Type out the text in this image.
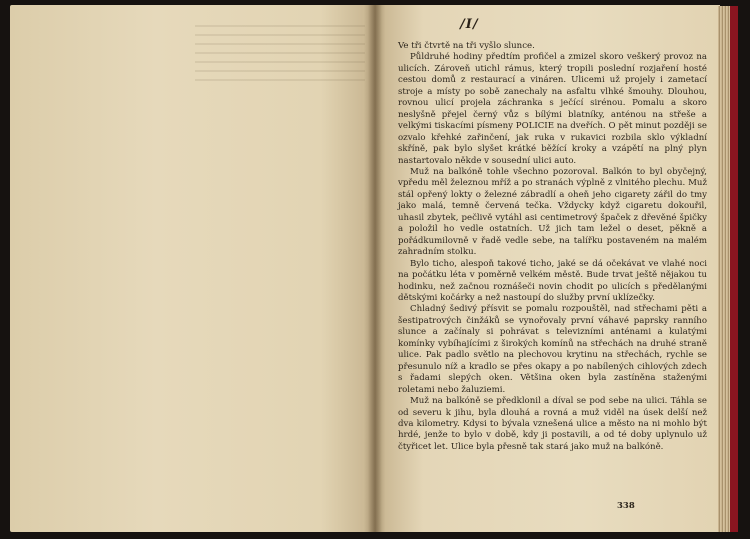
/I/

Ve tři čtvrtě na tři vyšlo slunce.

Půldruhé hodiny předtím profičel a zmizel skoro veškerý provoz na ulicích. Zároveň utichl rámus, který tropili poslední rozjaření hosté cestou domů z restaurací a vináren. Ulicemi už projely i zametací stroje a místy po sobě zanechaly na asfaltu vlhké šmouhy. Dlouhou, rovnou ulicí projela záchranka s ječící sirénou. Pomalu a skoro neslyšně přejel černý vůz s bílými blatníky, anténou na střeše a velkými tiskacími písmeny POLICIE na dveřích. O pět minut později se ozvalo křehké zařinčení, jak ruka v rukavici rozbila sklo výkladní skříně, pak bylo slyšet krátké běžící kroky a vzápětí na plný plyn nastartovalo někde v sousední ulici auto.

Muž na balkóně tohle všechno pozoroval. Balkón to byl obyčejný, vpředu měl železnou mříž a po stranách výplně z vlnitého plechu. Muž stál opřený lokty o železné zábradlí a oheň jeho cigarety zářil do tmy jako malá, temně červená tečka. Vždycky když cigaretu dokouřil, uhasil zbytek, pečlivě vytáhl asi centimetrový špaček z dřevěné špičky a položil ho vedle ostatních. Už jich tam ležel o deset, pěkně a pořádkumilovně v řadě vedle sebe, na talířku postaveném na malém zahradním stolku.

Bylo ticho, alespoň takové ticho, jaké se dá očekávat ve vlahé noci na počátku léta v poměrně velkém městě. Bude trvat ještě nějakou tu hodinku, než začnou roznášeči novin chodit po ulicích s předělanými dětskými kočárky a než nastoupí do služby první uklízečky.

Chladný šedivý přísvit se pomalu rozpouštěl, nad střechami pěti a šestipatrových činžáků se vynořovaly první váhavé paprsky ranního slunce a začínaly si pohrávat s televizními anténami a kulatými komínky vybíhajícími z širokých komínů na střechách na druhé straně ulice. Pak padlo světlo na plechovou krytinu na střechách, rychle se přesunulo níž a kradlo se přes okapy a po nabílených cihlových zdech s řadami slepých oken. Většina oken byla zastíněna staženými roletami nebo žaluziemi.

Muž na balkóně se předklonil a díval se pod sebe na ulici. Táhla se od severu k jihu, byla dlouhá a rovná a muž viděl na úsek delší než dva kilometry. Kdysi to bývala vznešená ulice a město na ni mohlo být hrdé, jenže to bylo v době, kdy ji postavili, a od té doby uplynulo už čtyřicet let. Ulice byla přesně tak stará jako muž na balkóně.

338
